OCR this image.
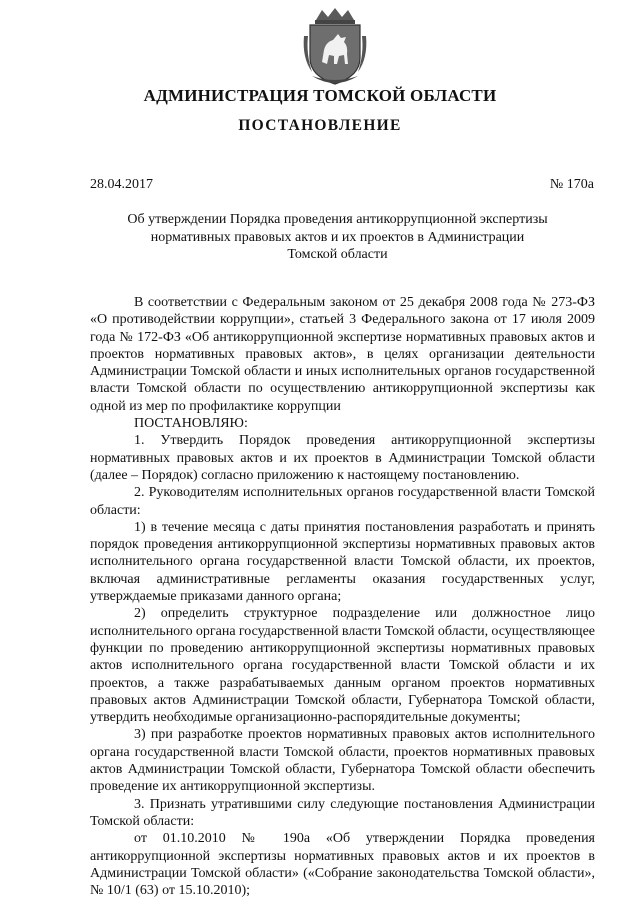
АДМИНИСТРАЦИЯ ТОМСКОЙ ОБЛАСТИ
ПОСТАНОВЛЕНИЕ
28.04.2017	№ 170а
Об утверждении Порядка проведения антикоррупционной экспертизы
нормативных правовых актов и их проектов в Администрации
Томской области

В соответствии с Федеральным законом от 25 декабря 2008 года № 273-ФЗ «О противодействии коррупции», статьей 3 Федерального закона от 17 июля 2009 года № 172-ФЗ «Об антикоррупционной экспертизе нормативных правовых актов и проектов нормативных правовых актов», в целях организации деятельности Администрации Томской области и иных исполнительных органов государственной власти Томской области по осуществлению антикоррупционной экспертизы как одной из мер по профилактике коррупции

ПОСТАНОВЛЯЮ:

1. Утвердить Порядок проведения антикоррупционной экспертизы нормативных правовых актов и их проектов в Администрации Томской области (далее – Порядок) согласно приложению к настоящему постановлению.

2. Руководителям исполнительных органов государственной власти Томской области:

1) в течение месяца с даты принятия постановления разработать и принять порядок проведения антикоррупционной экспертизы нормативных правовых актов исполнительного органа государственной власти Томской области, их проектов, включая административные регламенты оказания государственных услуг, утверждаемые приказами данного органа;

2) определить структурное подразделение или должностное лицо исполнительного органа государственной власти Томской области, осуществляющее функции по проведению антикоррупционной экспертизы нормативных правовых актов исполнительного органа государственной власти Томской области и их проектов, а также разрабатываемых данным органом проектов нормативных правовых актов Администрации Томской области, Губернатора Томской области, утвердить необходимые организационно-распорядительные документы;

3) при разработке проектов нормативных правовых актов исполнительного органа государственной власти Томской области, проектов нормативных правовых актов Администрации Томской области, Губернатора Томской области обеспечить проведение их антикоррупционной экспертизы.

3. Признать утратившими силу следующие постановления Администрации Томской области:

от 01.10.2010 № 190а «Об утверждении Порядка проведения антикоррупционной экспертизы нормативных правовых актов и их проектов в Администрации Томской области» («Собрание законодательства Томской области», № 10/1 (63) от 15.10.2010);
